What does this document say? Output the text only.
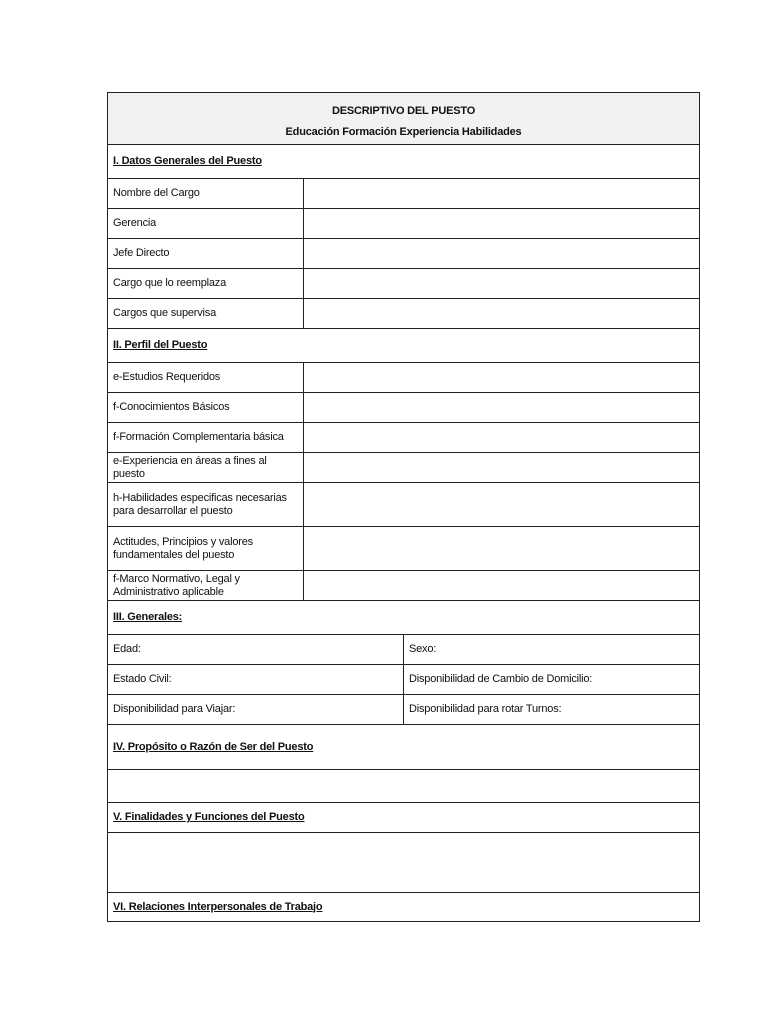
DESCRIPTIVO DEL PUESTO
Educación Formación Experiencia Habilidades		

I. Datos Generales del Puesto		
Nombre del Cargo		
Gerencia		
Jefe Directo		
Cargo que lo reemplaza		
Cargos que supervisa		
II. Perfil del Puesto		
e-Estudios Requeridos		
f-Conocimientos Básicos		
f-Formación Complementaria básica		
e-Experiencia en áreas a fines al puesto		
h-Habilidades especificas necesarias para desarrollar el puesto		
Actitudes, Principios y valores fundamentales del puesto		
f-Marco Normativo, Legal y Administrativo aplicable		
III. Generales:		
Edad:		Sexo:
Estado Civil:		Disponibilidad de Cambio de Domicilio:
Disponibilidad para Viajar:		Disponibilidad para rotar Turnos:
IV. Propósito o Razón de Ser del Puesto		

V. Finalidades y Funciones del Puesto		

VI. Relaciones Interpersonales de Trabajo		
